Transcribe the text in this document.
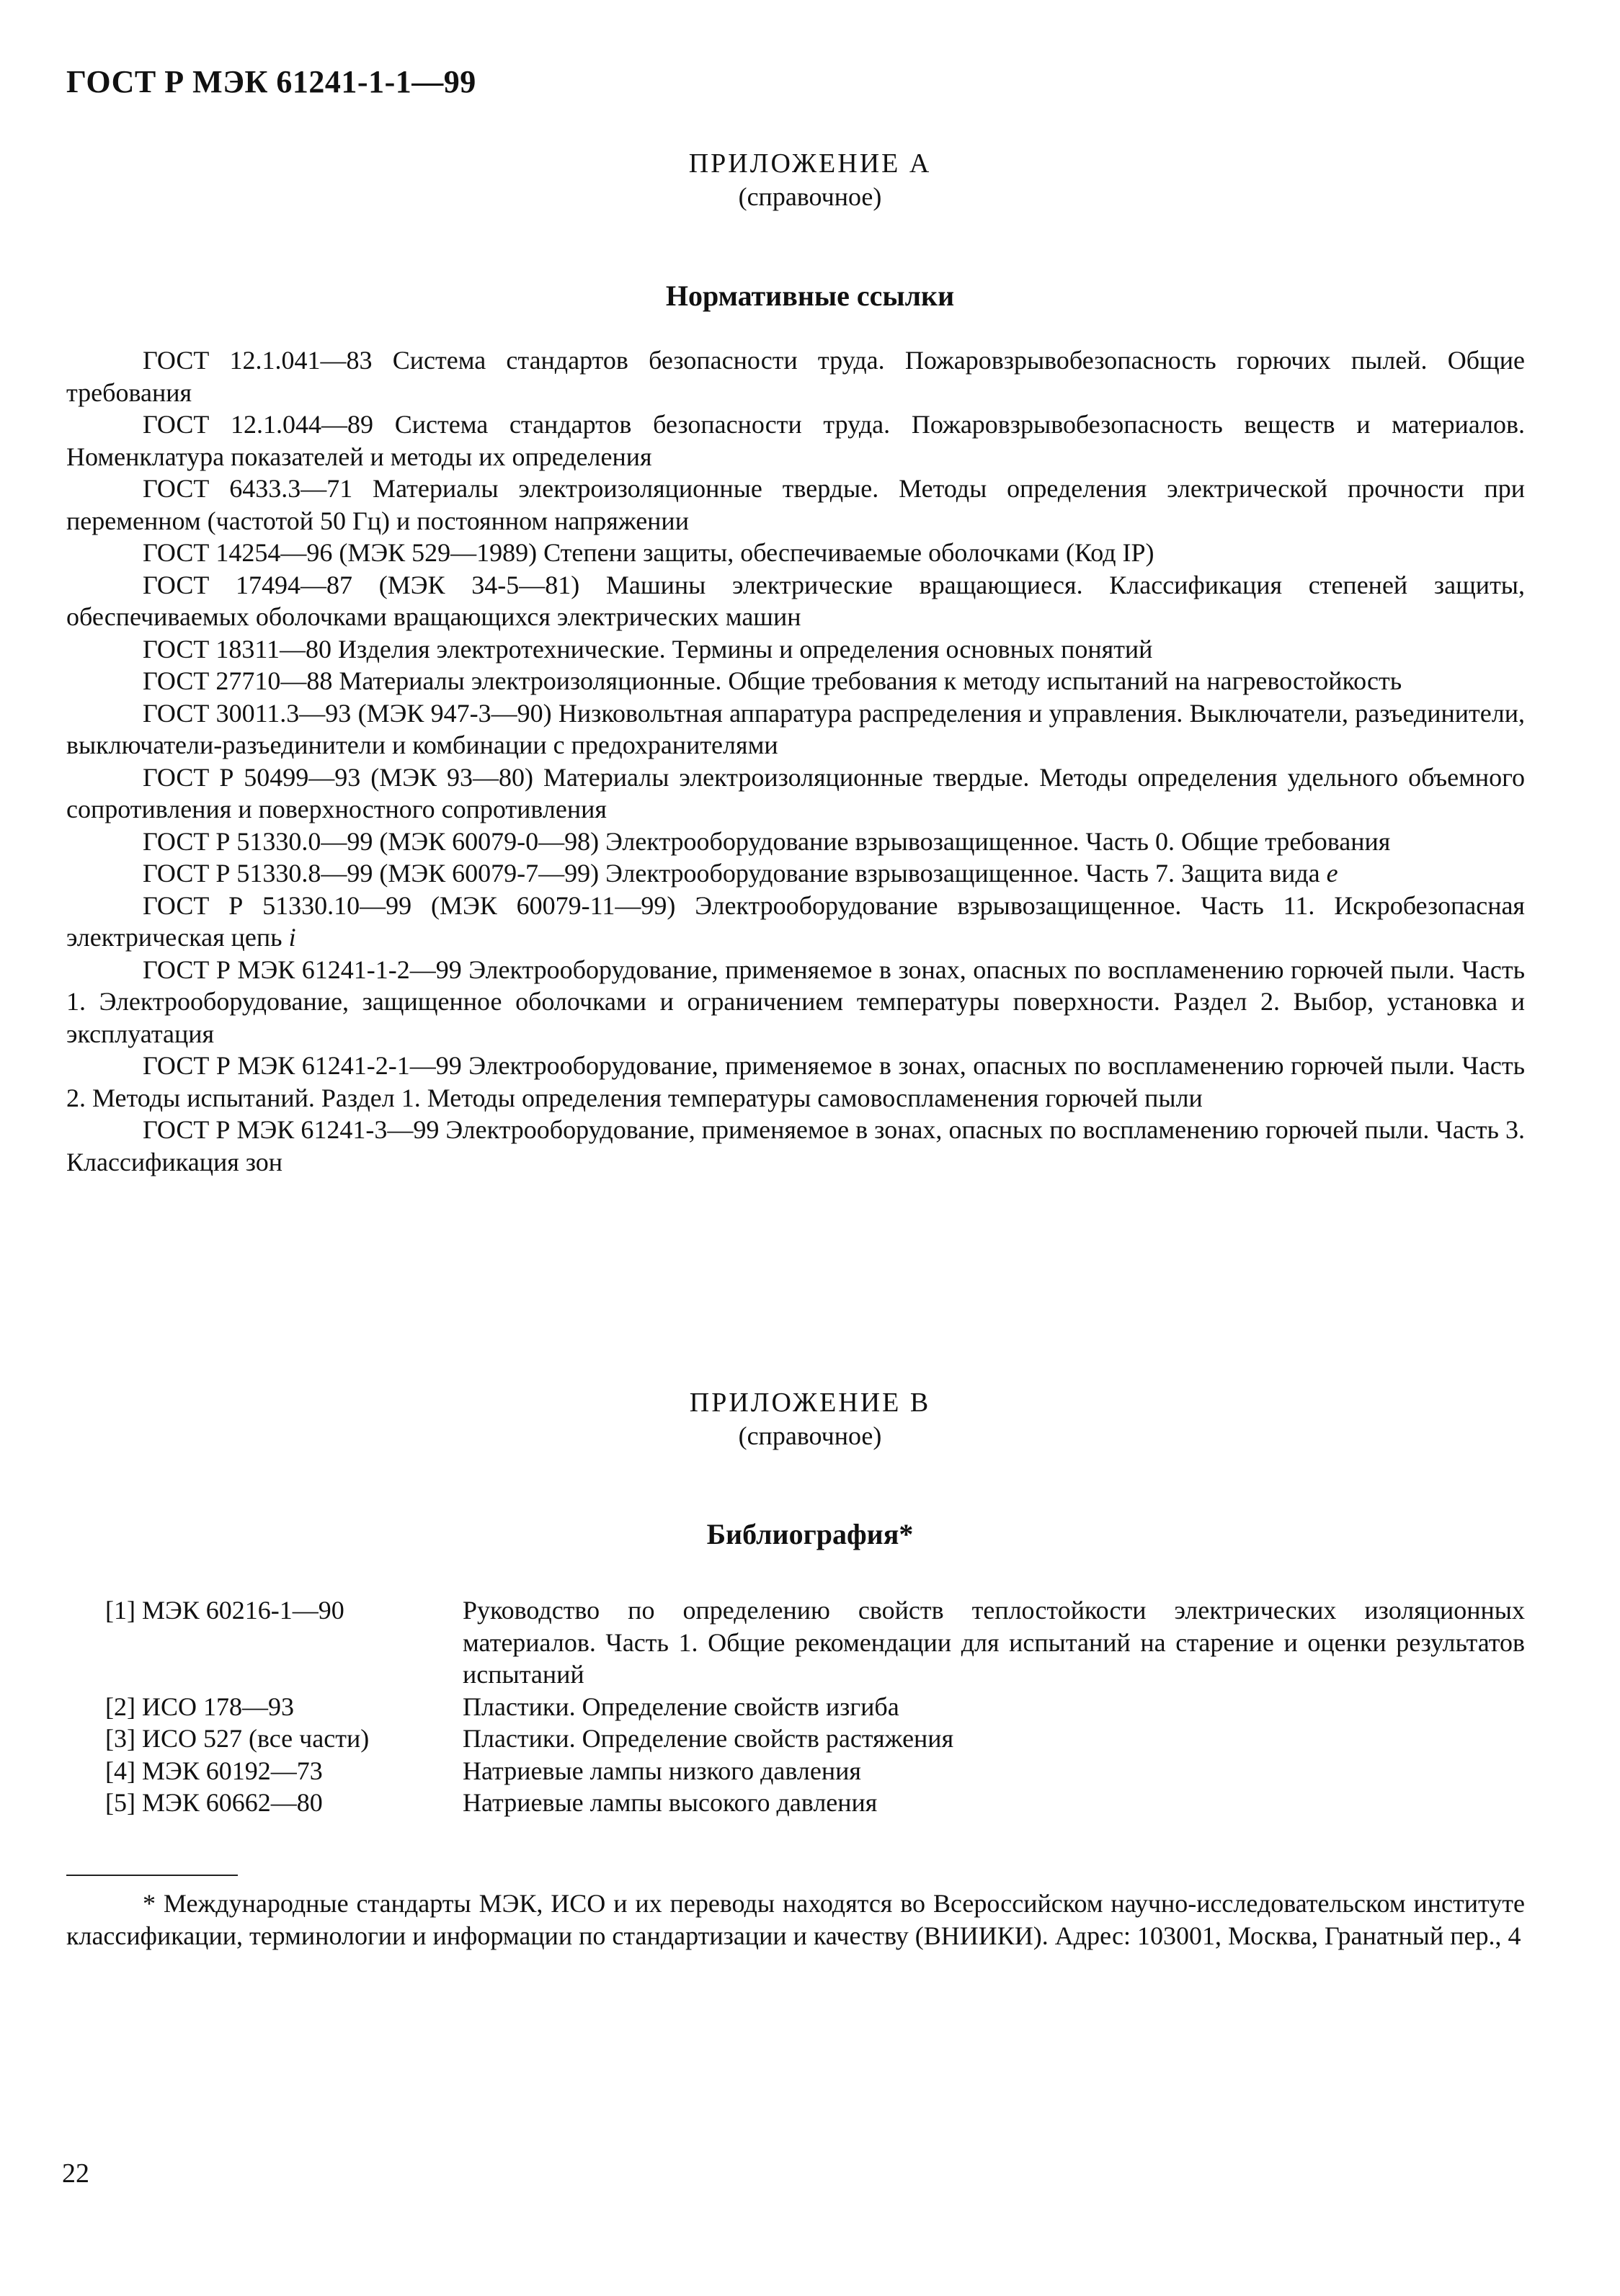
ГОСТ Р МЭК 61241-1-1—99
ПРИЛОЖЕНИЕ А
(справочное)
Нормативные ссылки

ГОСТ 12.1.041—83 Система стандартов безопасности труда. Пожаровзрывобезопасность горючих пылей. Общие требования

ГОСТ 12.1.044—89 Система стандартов безопасности труда. Пожаровзрывобезопасность веществ и материалов. Номенклатура показателей и методы их определения

ГОСТ 6433.3—71 Материалы электроизоляционные твердые. Методы определения электрической прочности при переменном (частотой 50 Гц) и постоянном напряжении

ГОСТ 14254—96 (МЭК 529—1989) Степени защиты, обеспечиваемые оболочками (Код IP)

ГОСТ 17494—87 (МЭК 34-5—81) Машины электрические вращающиеся. Классификация степеней защиты, обеспечиваемых оболочками вращающихся электрических машин

ГОСТ 18311—80 Изделия электротехнические. Термины и определения основных понятий

ГОСТ 27710—88 Материалы электроизоляционные. Общие требования к методу испытаний на нагревостойкость

ГОСТ 30011.3—93 (МЭК 947-3—90) Низковольтная аппаратура распределения и управления. Выключатели, разъединители, выключатели-разъединители и комбинации с предохранителями

ГОСТ Р 50499—93 (МЭК 93—80) Материалы электроизоляционные твердые. Методы определения удельного объемного сопротивления и поверхностного сопротивления

ГОСТ Р 51330.0—99 (МЭК 60079-0—98) Электрооборудование взрывозащищенное. Часть 0. Общие требования

ГОСТ Р 51330.8—99 (МЭК 60079-7—99) Электрооборудование взрывозащищенное. Часть 7. Защита вида e

ГОСТ Р 51330.10—99 (МЭК 60079-11—99) Электрооборудование взрывозащищенное. Часть 11. Искробезопасная электрическая цепь i

ГОСТ Р МЭК 61241-1-2—99 Электрооборудование, применяемое в зонах, опасных по воспламенению горючей пыли. Часть 1. Электрооборудование, защищенное оболочками и ограничением температуры поверхности. Раздел 2. Выбор, установка и эксплуатация

ГОСТ Р МЭК 61241-2-1—99 Электрооборудование, применяемое в зонах, опасных по воспламенению горючей пыли. Часть 2. Методы испытаний. Раздел 1. Методы определения температуры самовоспламенения горючей пыли

ГОСТ Р МЭК 61241-3—99 Электрооборудование, применяемое в зонах, опасных по воспламенению горючей пыли. Часть 3. Классификация зон

ПРИЛОЖЕНИЕ В
(справочное)
Библиография*
[1] МЭК 60216-1—90	Руководство по определению свойств теплостойкости электрических изоляционных материалов. Часть 1. Общие рекомендации для испытаний на старение и оценки результатов испытаний
[2] ИСО 178—93	Пластики. Определение свойств изгиба
[3] ИСО 527 (все части)	Пластики. Определение свойств растяжения
[4] МЭК 60192—73	Натриевые лампы низкого давления
[5] МЭК 60662—80	Натриевые лампы высокого давления
* Международные стандарты МЭК, ИСО и их переводы находятся во Всероссийском научно-исследовательском институте классификации, терминологии и информации по стандартизации и качеству (ВНИИКИ). Адрес: 103001, Москва, Гранатный пер., 4
22
